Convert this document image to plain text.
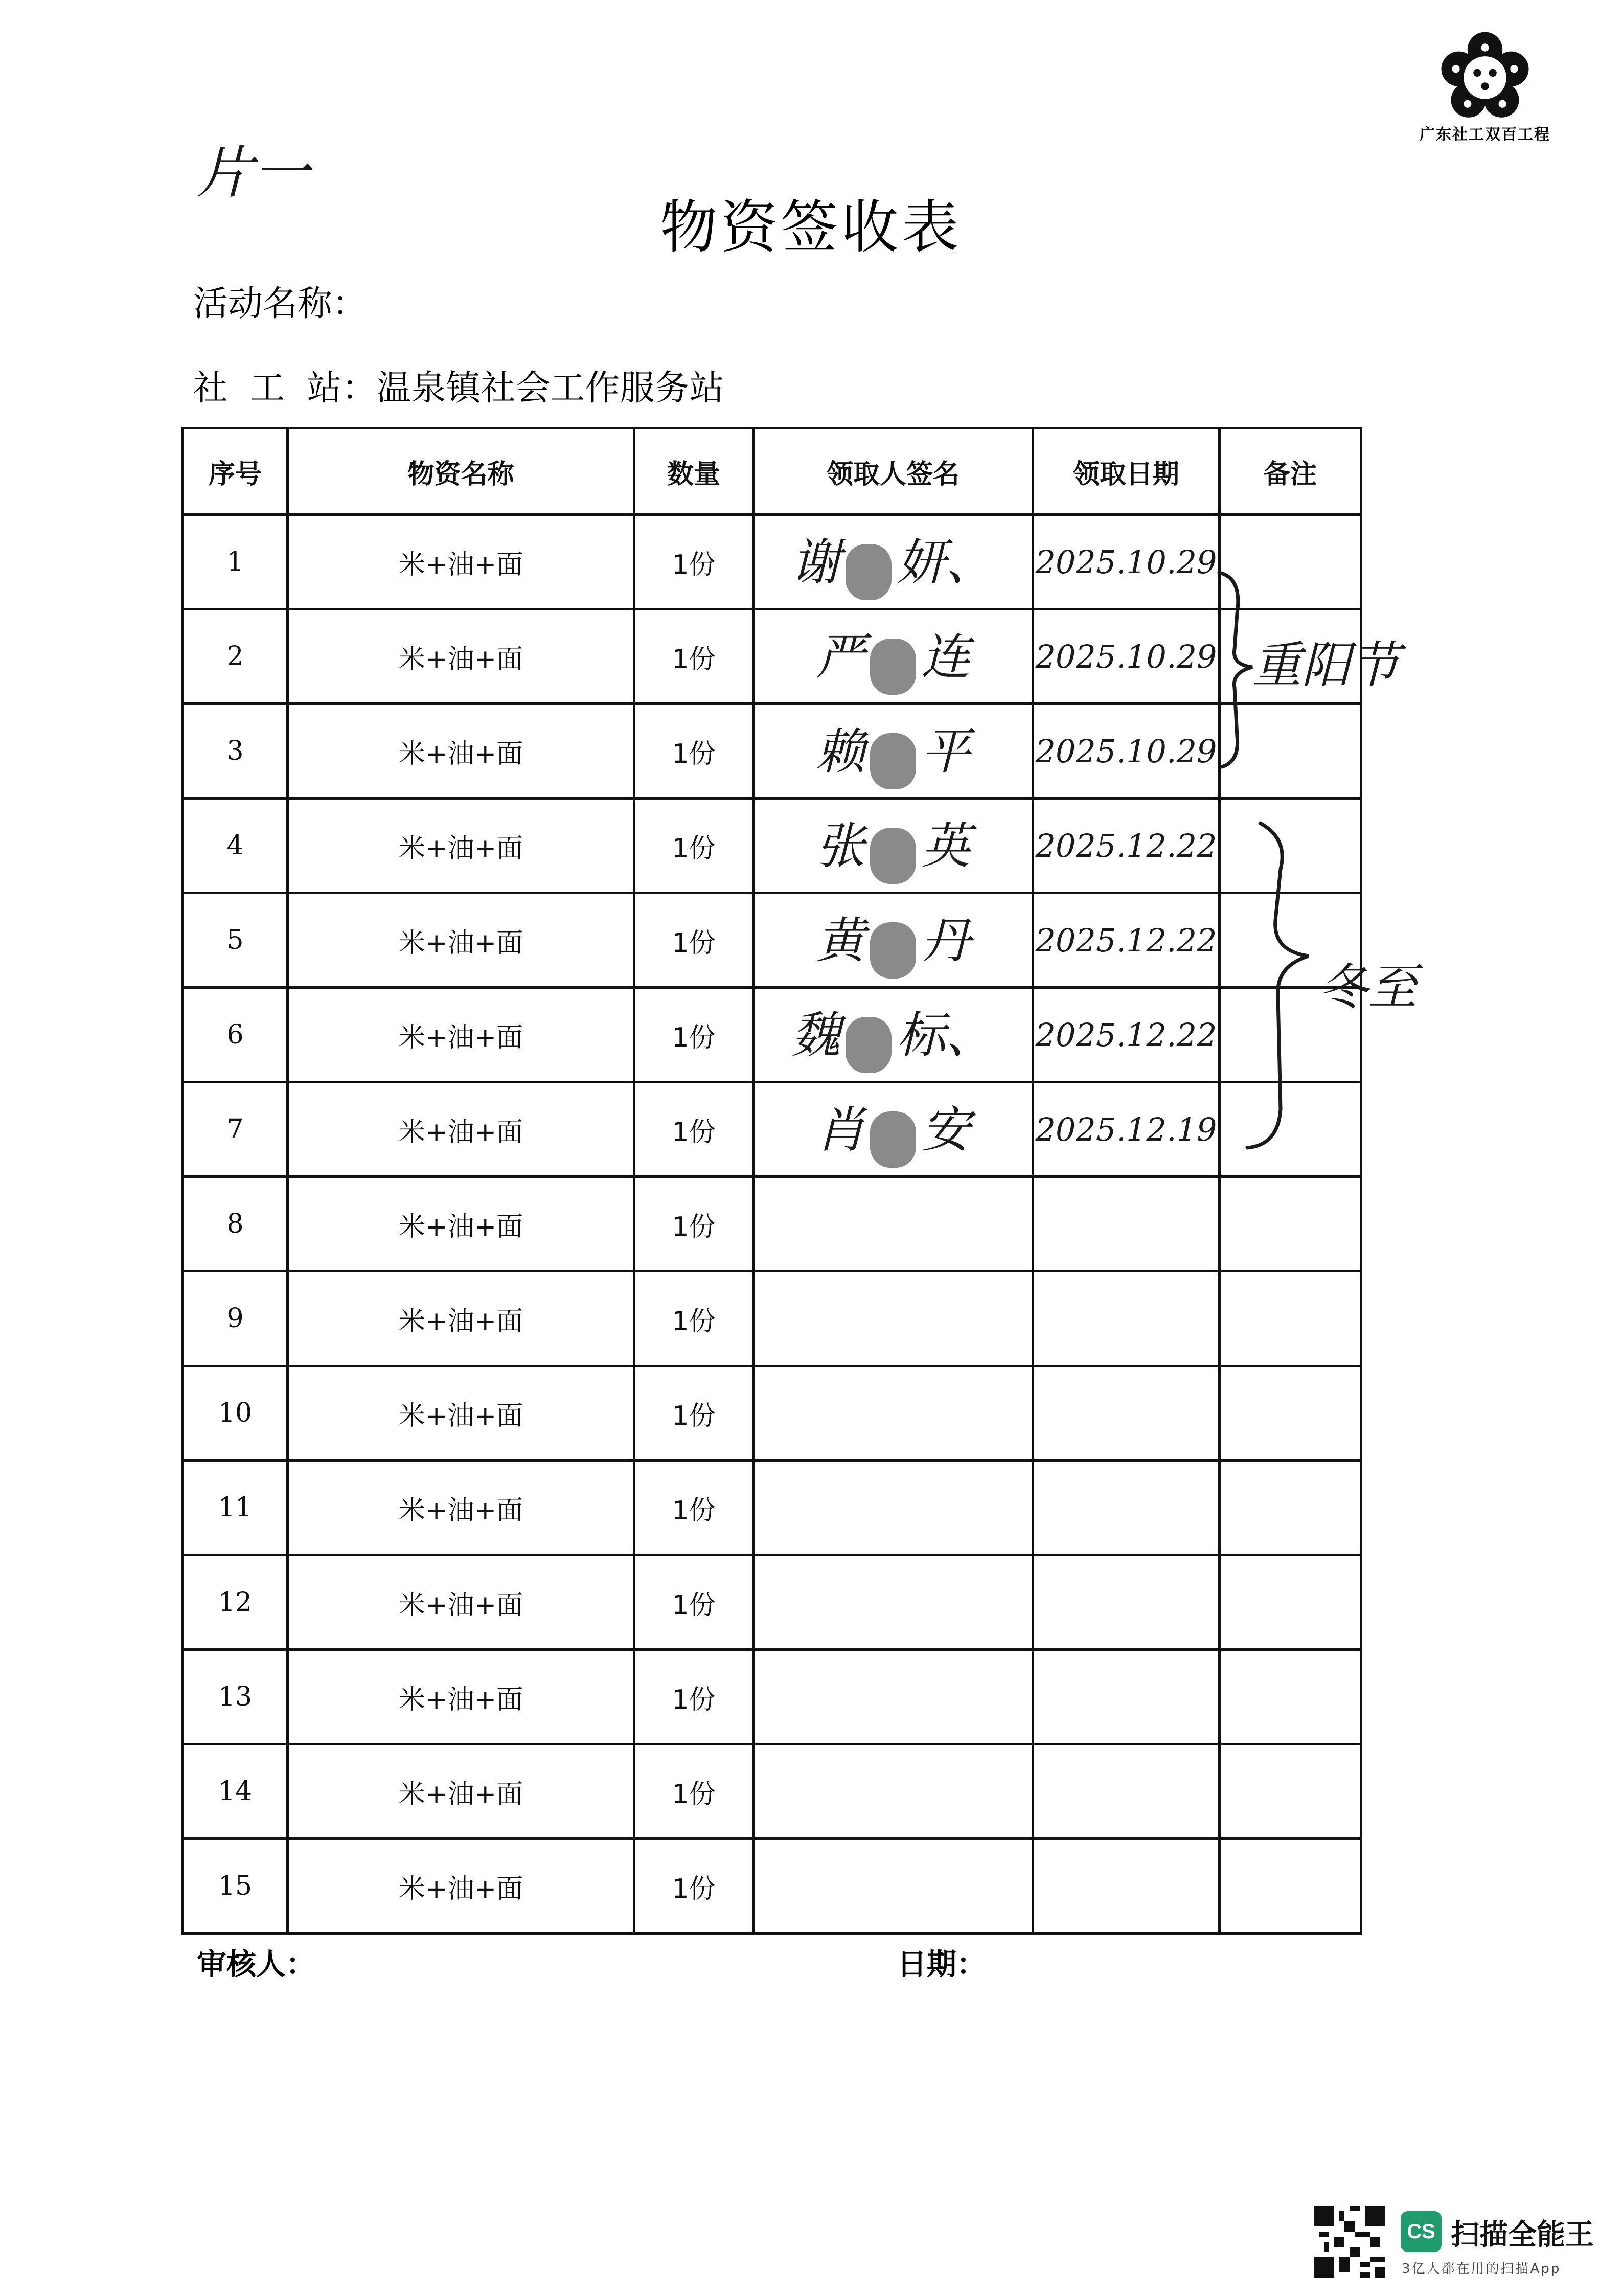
广东社工双百工程
片一
物资签收表
活动名称：
社  工  站：温泉镇社会工作服务站
序号	物资名称	数量	领取人签名	领取日期	备注
1	米+油+面	1份	谢 妍、	2025.10.29	
2	米+油+面	1份	严 连	2025.10.29	
3	米+油+面	1份	赖 平	2025.10.29	
4	米+油+面	1份	张 英	2025.12.22	
5	米+油+面	1份	黄 丹	2025.12.22	
6	米+油+面	1份	魏 标、	2025.12.22	
7	米+油+面	1份	肖 安	2025.12.19	
8	米+油+面	1份			
9	米+油+面	1份			
10	米+油+面	1份			
11	米+油+面	1份			
12	米+油+面	1份			
13	米+油+面	1份			
14	米+油+面	1份			
15	米+油+面	1份			
重阳节
冬至
审核人：	日期：
CS 扫描全能王
3亿人都在用的扫描App
